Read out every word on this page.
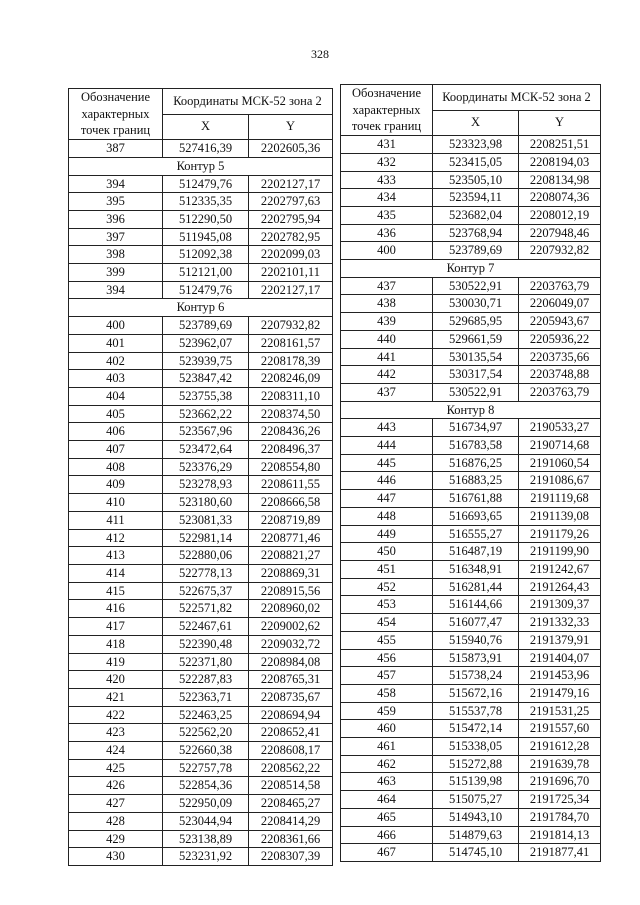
328
Обозначение характерных точек границ	Координаты МСК-52 зона 2	
	X	Y
387	527416,39	2202605,36
Контур 5		
394	512479,76	2202127,17
395	512335,35	2202797,63
396	512290,50	2202795,94
397	511945,08	2202782,95
398	512092,38	2202099,03
399	512121,00	2202101,11
394	512479,76	2202127,17
Контур 6		
400	523789,69	2207932,82
401	523962,07	2208161,57
402	523939,75	2208178,39
403	523847,42	2208246,09
404	523755,38	2208311,10
405	523662,22	2208374,50
406	523567,96	2208436,26
407	523472,64	2208496,37
408	523376,29	2208554,80
409	523278,93	2208611,55
410	523180,60	2208666,58
411	523081,33	2208719,89
412	522981,14	2208771,46
413	522880,06	2208821,27
414	522778,13	2208869,31
415	522675,37	2208915,56
416	522571,82	2208960,02
417	522467,61	2209002,62
418	522390,48	2209032,72
419	522371,80	2208984,08
420	522287,83	2208765,31
421	522363,71	2208735,67
422	522463,25	2208694,94
423	522562,20	2208652,41
424	522660,38	2208608,17
425	522757,78	2208562,22
426	522854,36	2208514,58
427	522950,09	2208465,27
428	523044,94	2208414,29
429	523138,89	2208361,66
430	523231,92	2208307,39
Обозначение характерных точек границ	Координаты МСК-52 зона 2	
	X	Y
431	523323,98	2208251,51
432	523415,05	2208194,03
433	523505,10	2208134,98
434	523594,11	2208074,36
435	523682,04	2208012,19
436	523768,94	2207948,46
400	523789,69	2207932,82
Контур 7		
437	530522,91	2203763,79
438	530030,71	2206049,07
439	529685,95	2205943,67
440	529661,59	2205936,22
441	530135,54	2203735,66
442	530317,54	2203748,88
437	530522,91	2203763,79
Контур 8		
443	516734,97	2190533,27
444	516783,58	2190714,68
445	516876,25	2191060,54
446	516883,25	2191086,67
447	516761,88	2191119,68
448	516693,65	2191139,08
449	516555,27	2191179,26
450	516487,19	2191199,90
451	516348,91	2191242,67
452	516281,44	2191264,43
453	516144,66	2191309,37
454	516077,47	2191332,33
455	515940,76	2191379,91
456	515873,91	2191404,07
457	515738,24	2191453,96
458	515672,16	2191479,16
459	515537,78	2191531,25
460	515472,14	2191557,60
461	515338,05	2191612,28
462	515272,88	2191639,78
463	515139,98	2191696,70
464	515075,27	2191725,34
465	514943,10	2191784,70
466	514879,63	2191814,13
467	514745,10	2191877,41
